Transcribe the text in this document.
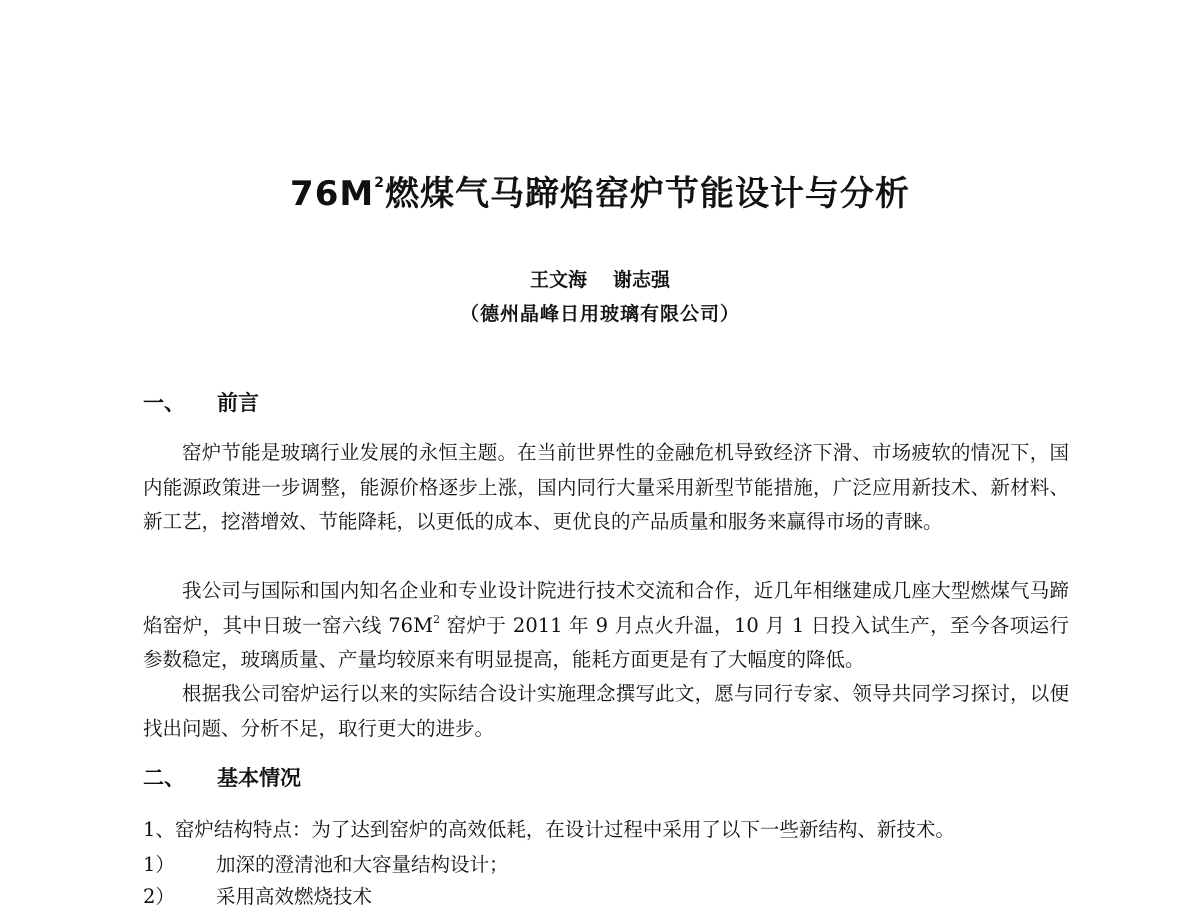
$76M^2$燃煤气马蹄焰窑炉节能设计与分析
王文海 谢志强
（德州晶峰日用玻璃有限公司）
一、 前言
窑炉节能是玻璃行业发展的永恒主题。在当前世界性的金融危机导致经济下滑、市场疲软的情况下，国内能源政策进一步调整，能源价格逐步上涨，国内同行大量采用新型节能措施，广泛应用新技术、新材料、新工艺，挖潜增效、节能降耗，以更低的成本、更优良的产品质量和服务来赢得市场的青睐。
我公司与国际和国内知名企业和专业设计院进行技术交流和合作，近几年相继建成几座大型燃煤气马蹄焰窑炉，其中日玻一窑六线 $76M^2$ 窑炉于 2011 年 9 月点火升温，10 月 1 日投入试生产，至今各项运行参数稳定，玻璃质量、产量均较原来有明显提高，能耗方面更是有了大幅度的降低。
根据我公司窑炉运行以来的实际结合设计实施理念撰写此文，愿与同行专家、领导共同学习探讨，以便找出问题、分析不足，取行更大的进步。
二、 基本情况
1、窑炉结构特点：为了达到窑炉的高效低耗，在设计过程中采用了以下一些新结构、新技术。
1） 加深的澄清池和大容量结构设计；
2） 采用高效燃烧技术
